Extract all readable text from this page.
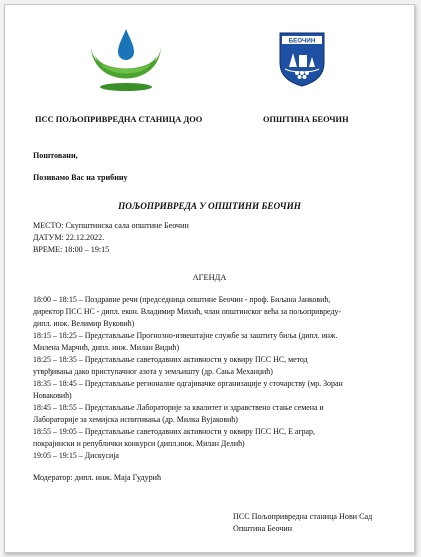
БЕОЧИН
ПСС ПОЉОПРИВРЕДНА СТАНИЦА ДОО	ОПШТИНА БЕОЧИН
Поштовани,
Позивамо Вас на трибину
ПОЉОПРИВРЕДА У ОПШТИНИ БЕОЧИН
МЕСТО: Скупштинска сала општине Беочин
ДАТУМ: 22.12.2022.
ВРЕМЕ: 18:00 – 19:15
АГЕНДА
18:00 – 18:15 – Поздравне речи (председница општине Беочин - проф. Биљана Јанковић,
директор ПСС НС - дипл. екон. Владимир Михић, члан општинског већа за пољопривреду-
дипл. инж. Велимир Вуковић)
18:15 – 18:25 – Представљање Прогнозно-извештајне службе за заштиту биља (дипл. инж.
Милена Марчић, дипл. инж. Милан Видић)
18:25 – 18:35 – Представљање саветодавних активности у оквиру ПСС НС, метод
утврђивања дако приступачног азота у земљишту (др. Сања Механџић)
18:35 – 18:45 – Представљање регионалне одгајивачке организације у сточарству (мр. Зоран
Новаковић)
18:45 – 18:55 – Представљање Лабораторије за квалитет и здравствено стање семена и
Лабораторије за хемијска испитивања (др. Милка Вујаковић)
18:55 – 19:05 – Представљање саветодавних активности у оквиру ПСС НС, Е аграр,
покрајински и републички конкурси (дипл.инж. Милан Делић)
19:05 – 19:15 – Дискусија
Модератор: дипл. инж. Маја Гудурић
ПСС Пољопривредна станица Нови Сад
Општина Беочин
